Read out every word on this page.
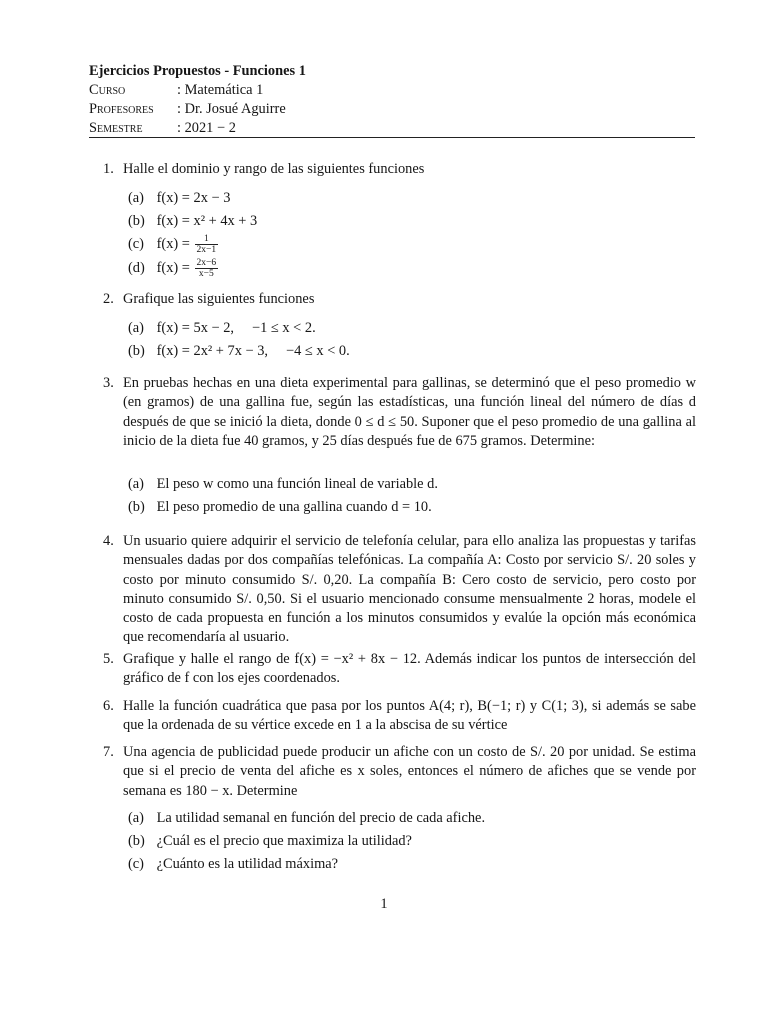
Ejercicios Propuestos - Funciones 1
Curso	: Matemática 1
Profesores	: Dr. Josué Aguirre
Semestre	: 2021 − 2
1. Halle el dominio y rango de las siguientes funciones
(a) f(x) = 2x − 3
(b) f(x) = x² + 4x + 3
(c) $f(x) = \frac{1}{2x-1}$
(d) $f(x) = \frac{2x-6}{x-5}$
2. Grafique las siguientes funciones
(a) f(x) = 5x − 2,     −1 ≤ x < 2.
(b) f(x) = 2x² + 7x − 3,     −4 ≤ x < 0.
3. En pruebas hechas en una dieta experimental para gallinas, se determinó que el peso promedio w (en gramos) de una gallina fue, según las estadísticas, una función lineal del número de días d después de que se inició la dieta, donde 0 ≤ d ≤ 50. Suponer que el peso promedio de una gallina al inicio de la dieta fue 40 gramos, y 25 días después fue de 675 gramos. Determine:
(a) El peso w como una función lineal de variable d.
(b) El peso promedio de una gallina cuando d = 10.
4. Un usuario quiere adquirir el servicio de telefonía celular, para ello analiza las propuestas y tarifas mensuales dadas por dos compañías telefónicas. La compañía A: Costo por servicio S/. 20 soles y costo por minuto consumido S/. 0,20. La compañía B: Cero costo de servicio, pero costo por minuto consumido S/. 0,50. Si el usuario mencionado consume mensualmente 2 horas, modele el costo de cada propuesta en función a los minutos consumidos y evalúe la opción más económica que recomendaría al usuario.
5. Grafique y halle el rango de f(x) = −x² + 8x − 12. Además indicar los puntos de intersección del gráfico de f con los ejes coordenados.
6. Halle la función cuadrática que pasa por los puntos A(4; r), B(−1; r) y C(1; 3), si además se sabe que la ordenada de su vértice excede en 1 a la abscisa de su vértice
7. Una agencia de publicidad puede producir un afiche con un costo de S/. 20 por unidad. Se estima que si el precio de venta del afiche es x soles, entonces el número de afiches que se vende por semana es 180 − x. Determine
(a) La utilidad semanal en función del precio de cada afiche.
(b) ¿Cuál es el precio que maximiza la utilidad?
(c) ¿Cuánto es la utilidad máxima?
1
